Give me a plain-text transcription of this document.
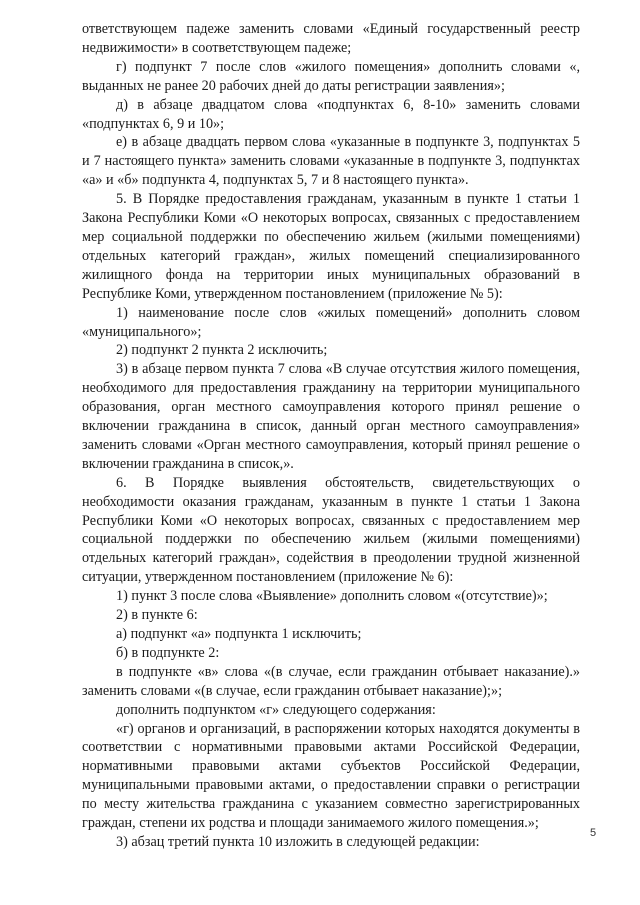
ответствующем падеже заменить словами «Единый государственный реестр недвижимости» в соответствующем падеже;

г) подпункт 7 после слов «жилого помещения» дополнить словами «, выданных не ранее 20 рабочих дней до даты регистрации заявления»;

д) в абзаце двадцатом слова «подпунктах 6, 8-10» заменить словами «подпунктах 6, 9 и 10»;

е) в абзаце двадцать первом слова «указанные в подпункте 3, подпунктах 5 и 7 настоящего пункта» заменить словами «указанные в подпункте 3, подпунктах «а» и «б» подпункта 4, подпунктах 5, 7 и 8 настоящего пункта».

5. В Порядке предоставления гражданам, указанным в пункте 1 статьи 1 Закона Республики Коми «О некоторых вопросах, связанных с предоставлением мер социальной поддержки по обеспечению жильем (жилыми помещениями) отдельных категорий граждан», жилых помещений специализированного жилищного фонда на территории иных муниципальных образований в Республике Коми, утвержденном постановлением (приложение № 5):

1) наименование после слов «жилых помещений» дополнить словом «муниципального»;

2) подпункт 2 пункта 2 исключить;

3) в абзаце первом пункта 7 слова «В случае отсутствия жилого помещения, необходимого для предоставления гражданину на территории муниципального образования, орган местного самоуправления которого принял решение о включении гражданина в список, данный орган местного самоуправления» заменить словами «Орган местного самоуправления, который принял решение о включении гражданина в список,».

6. В Порядке выявления обстоятельств, свидетельствующих о необходимости оказания гражданам, указанным в пункте 1 статьи 1 Закона Республики Коми «О некоторых вопросах, связанных с предоставлением мер социальной поддержки по обеспечению жильем (жилыми помещениями) отдельных категорий граждан», содействия в преодолении трудной жизненной ситуации, утвержденном постановлением (приложение № 6):

1) пункт 3 после слова «Выявление» дополнить словом «(отсутствие)»;

2) в пункте 6:

а) подпункт «а» подпункта 1 исключить;

б) в подпункте 2:

в подпункте «в» слова «(в случае, если гражданин отбывает наказание).» заменить словами «(в случае, если гражданин отбывает наказание);»;

дополнить подпунктом «г» следующего содержания:

«г) органов и организаций, в распоряжении которых находятся документы в соответствии с нормативными правовыми актами Российской Федерации, нормативными правовыми актами субъектов Российской Федерации, муниципальными правовыми актами, о предоставлении справки о регистрации по месту жительства гражданина с указанием совместно зарегистрированных граждан, степени их родства и площади занимаемого жилого помещения.»;

3) абзац третий пункта 10 изложить в следующей редакции:

5
